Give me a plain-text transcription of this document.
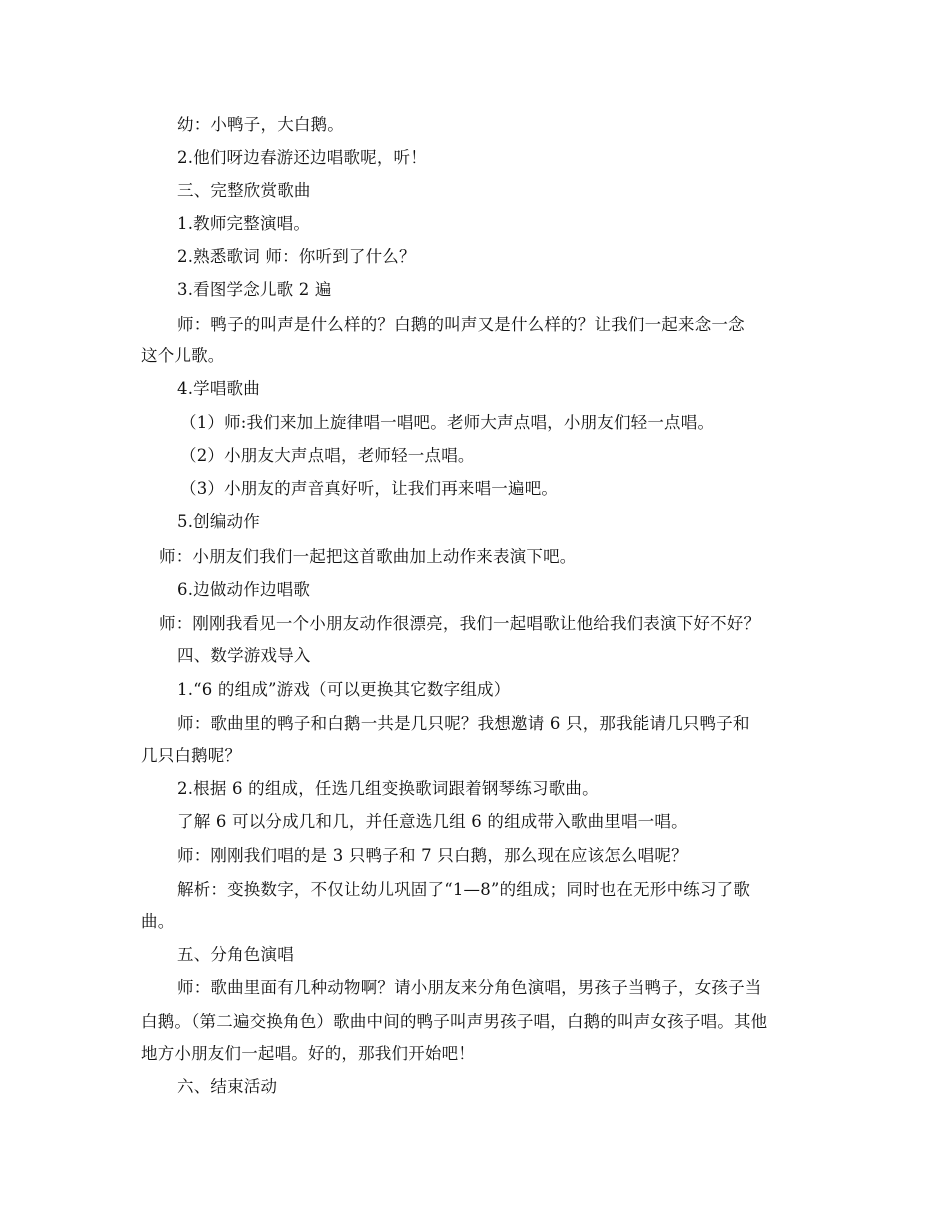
幼：小鸭子，大白鹅。
2.他们呀边春游还边唱歌呢，听！
三、完整欣赏歌曲
1.教师完整演唱。
2.熟悉歌词 师：你听到了什么？
3.看图学念儿歌 2 遍
师：鸭子的叫声是什么样的？白鹅的叫声又是什么样的？让我们一起来念一念
这个儿歌。
4.学唱歌曲
（1）师:我们来加上旋律唱一唱吧。老师大声点唱，小朋友们轻一点唱。
（2）小朋友大声点唱，老师轻一点唱。
（3）小朋友的声音真好听，让我们再来唱一遍吧。
5.创编动作
师：小朋友们我们一起把这首歌曲加上动作来表演下吧。
6.边做动作边唱歌
师：刚刚我看见一个小朋友动作很漂亮，我们一起唱歌让他给我们表演下好不好？
四、数学游戏导入
1.“6 的组成”游戏（可以更换其它数字组成）
师：歌曲里的鸭子和白鹅一共是几只呢？我想邀请 6 只，那我能请几只鸭子和
几只白鹅呢？
2.根据 6 的组成，任选几组变换歌词跟着钢琴练习歌曲。
了解 6 可以分成几和几，并任意选几组 6 的组成带入歌曲里唱一唱。
师：刚刚我们唱的是 3 只鸭子和 7 只白鹅，那么现在应该怎么唱呢？
解析：变换数字，不仅让幼儿巩固了“1—8”的组成；同时也在无形中练习了歌
曲。
五、分角色演唱
师：歌曲里面有几种动物啊？请小朋友来分角色演唱，男孩子当鸭子，女孩子当
白鹅。（第二遍交换角色）歌曲中间的鸭子叫声男孩子唱，白鹅的叫声女孩子唱。其他
地方小朋友们一起唱。好的，那我们开始吧！
六、结束活动
